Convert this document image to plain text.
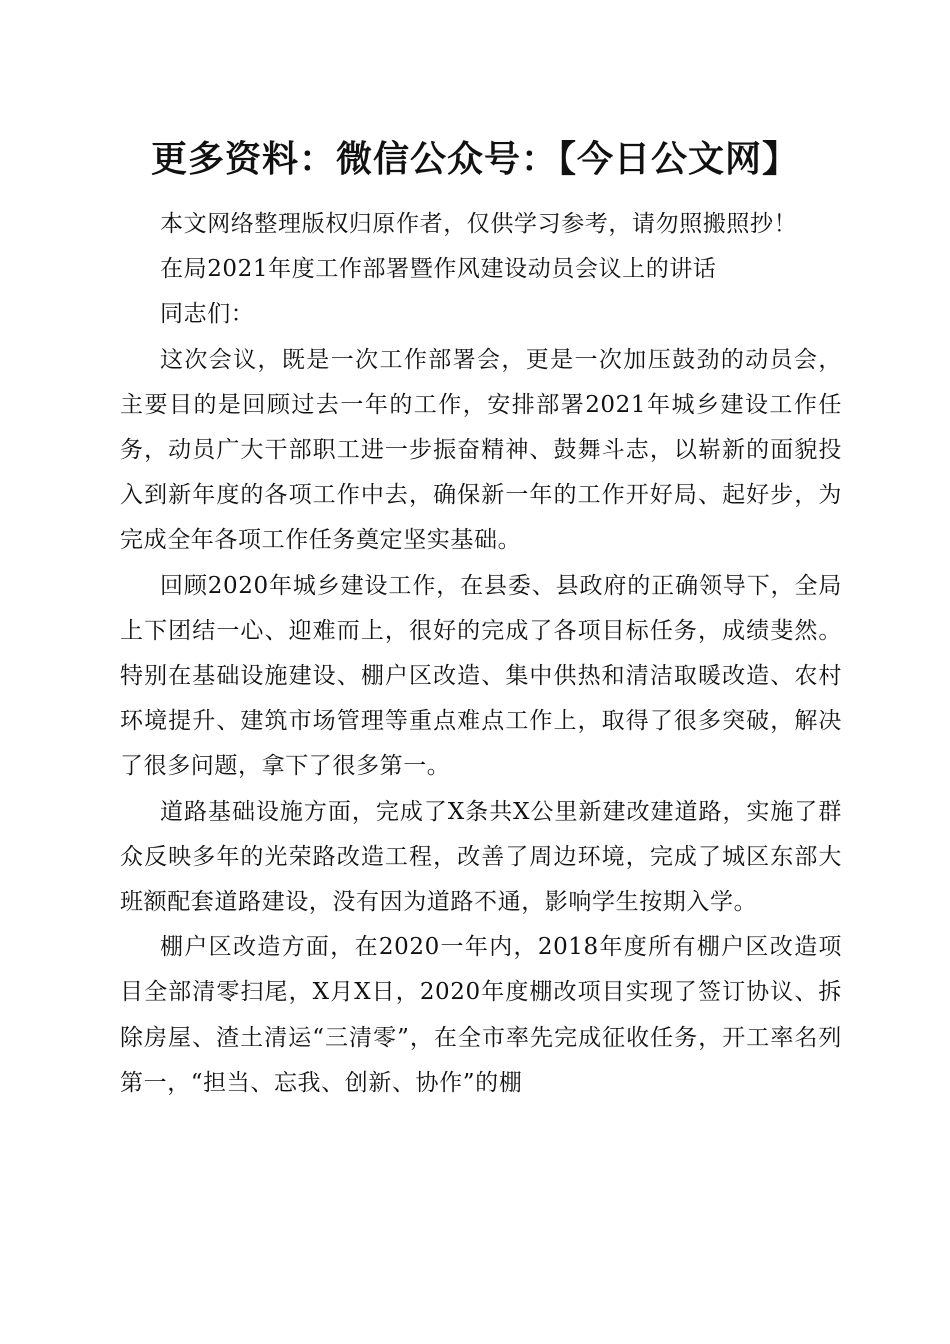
更多资料：微信公众号：【今日公文网】

本文网络整理版权归原作者，仅供学习参考，请勿照搬照抄！

在局2021年度工作部署暨作风建设动员会议上的讲话

同志们：

这次会议，既是一次工作部署会，更是一次加压鼓劲的动员会，主要目的是回顾过去一年的工作，安排部署2021年城乡建设工作任务，动员广大干部职工进一步振奋精神、鼓舞斗志，以崭新的面貌投入到新年度的各项工作中去，确保新一年的工作开好局、起好步，为完成全年各项工作任务奠定坚实基础。

回顾2020年城乡建设工作，在县委、县政府的正确领导下，全局上下团结一心、迎难而上，很好的完成了各项目标任务，成绩斐然。特别在基础设施建设、棚户区改造、集中供热和清洁取暖改造、农村环境提升、建筑市场管理等重点难点工作上，取得了很多突破，解决了很多问题，拿下了很多第一。

道路基础设施方面，完成了X条共X公里新建改建道路，实施了群众反映多年的光荣路改造工程，改善了周边环境，完成了城区东部大班额配套道路建设，没有因为道路不通，影响学生按期入学。

棚户区改造方面，在2020一年内，2018年度所有棚户区改造项目全部清零扫尾，X月X日，2020年度棚改项目实现了签订协议、拆除房屋、渣土清运“三清零”，在全市率先完成征收任务，开工率名列第一，“担当、忘我、创新、协作”的棚
